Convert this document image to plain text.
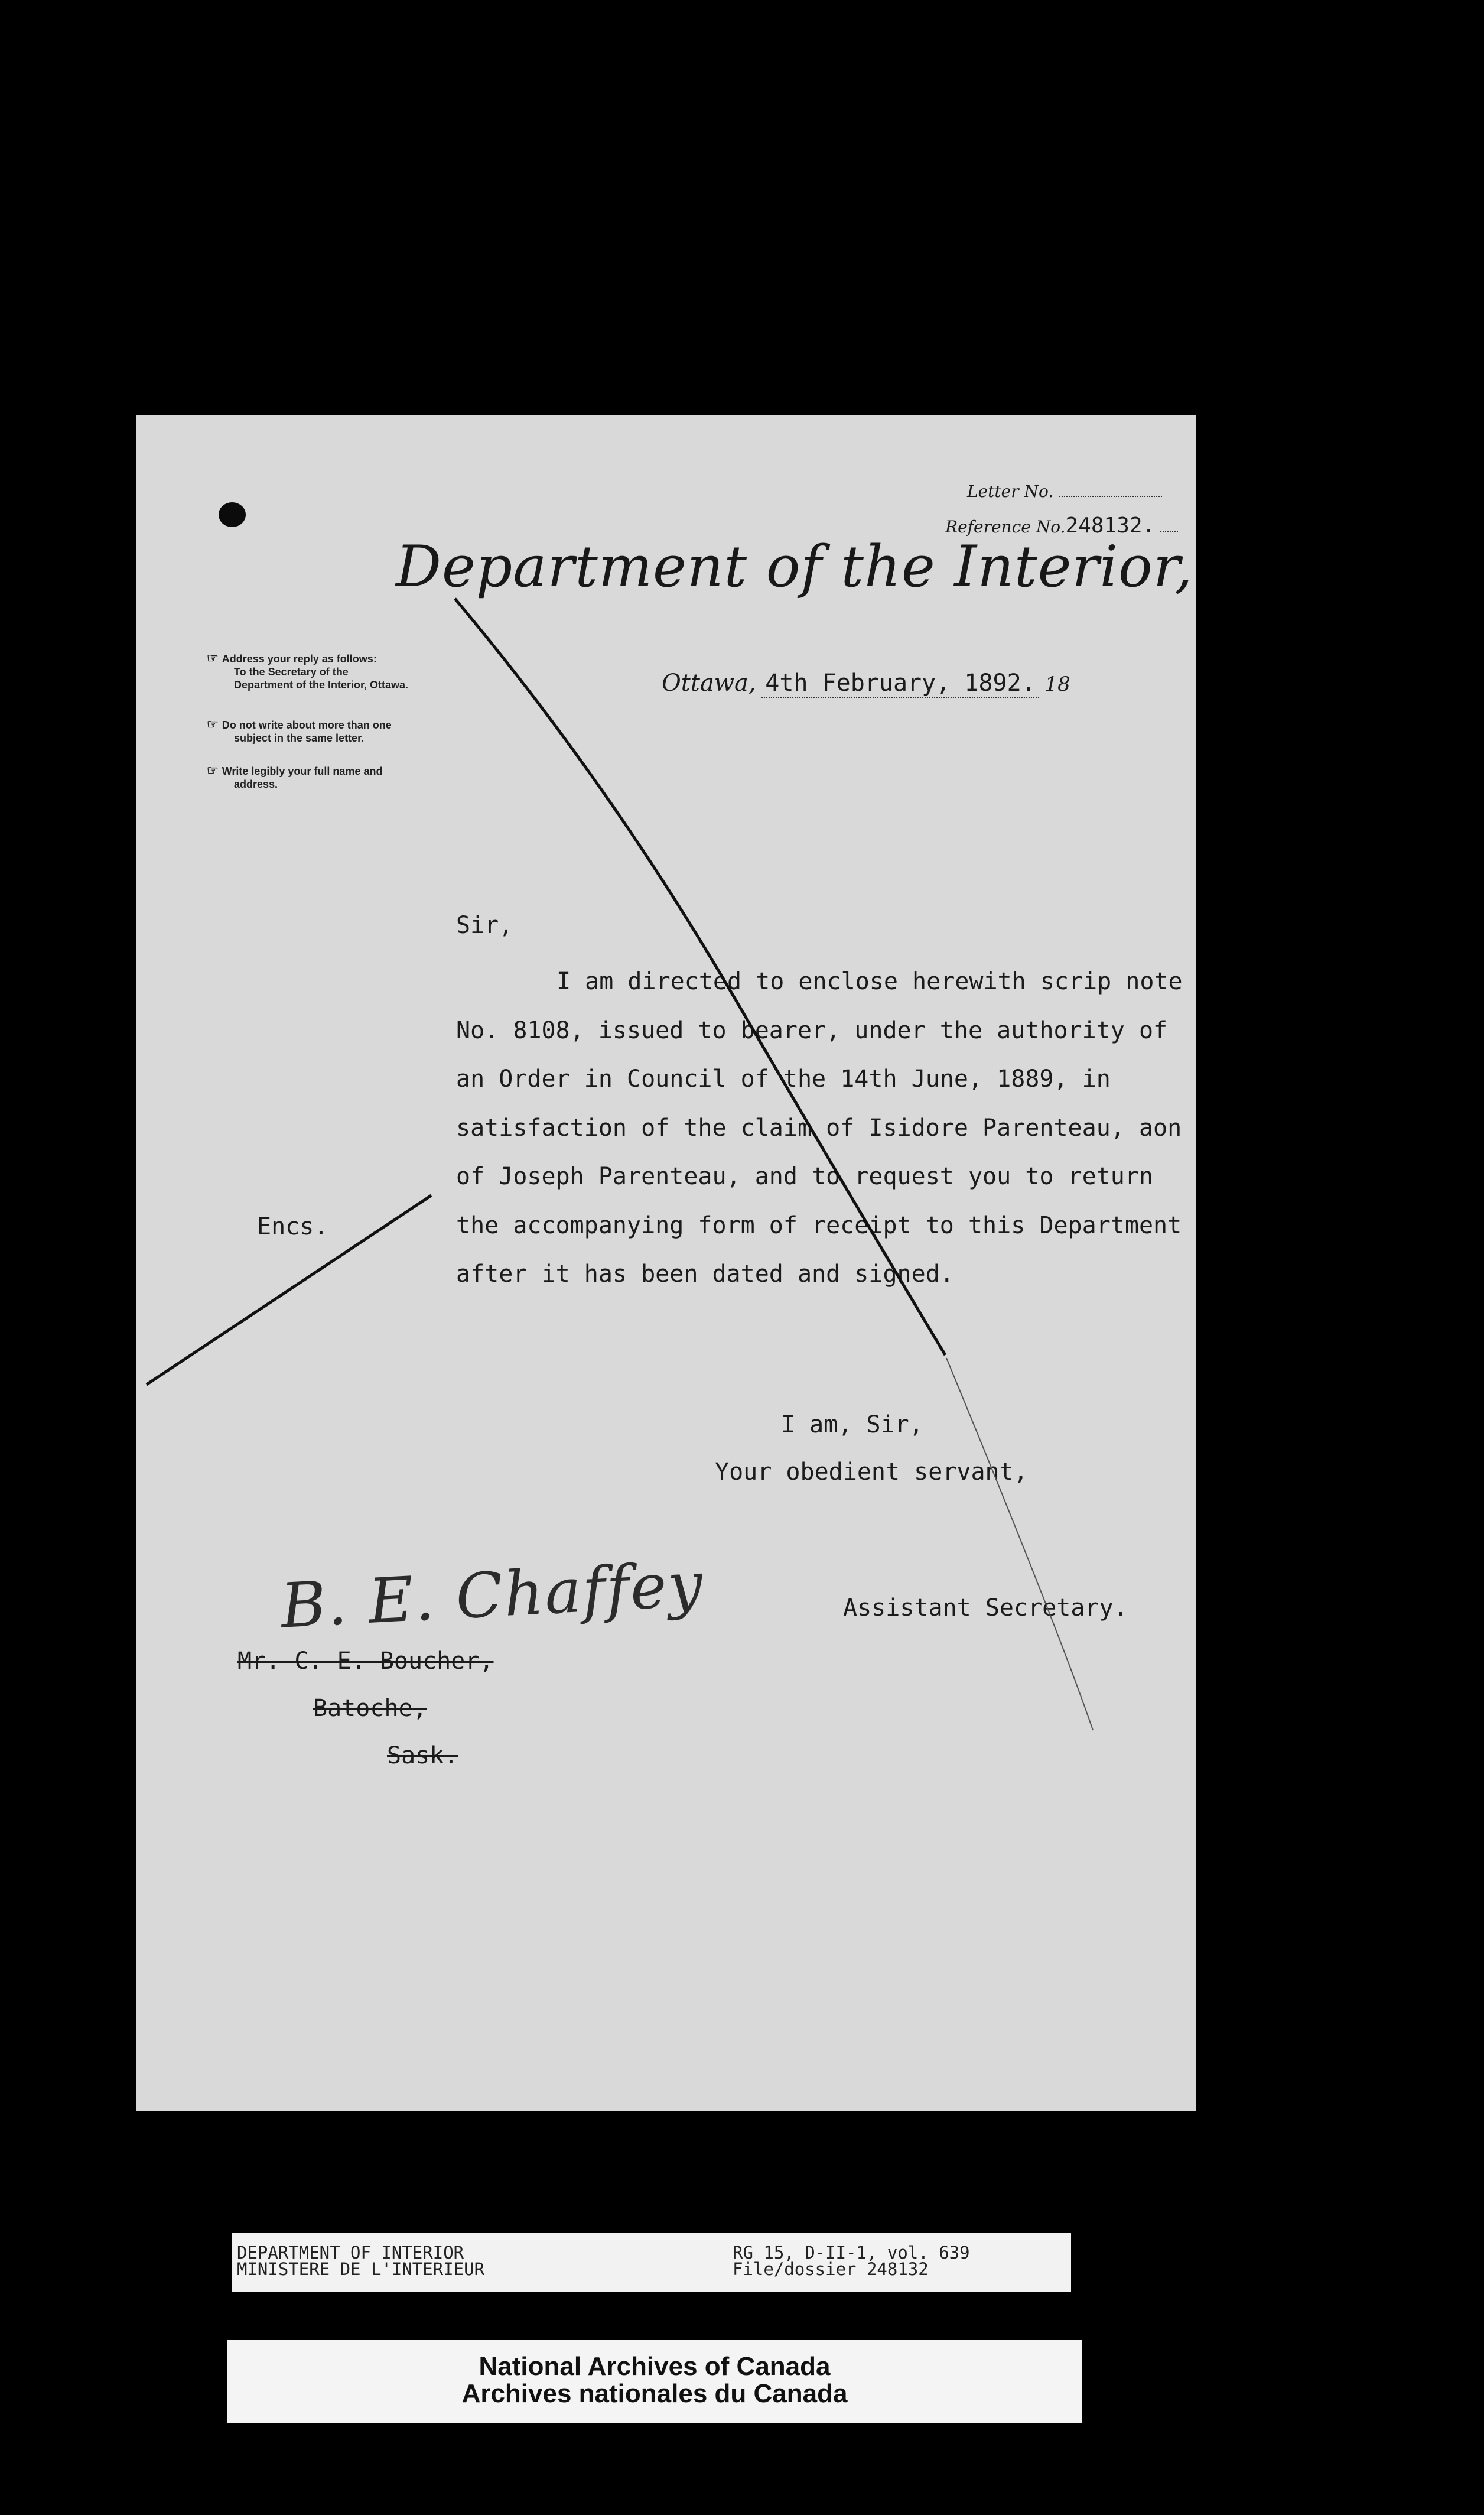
Letter No.
Reference No.248132.
Department of the Interior,
☞ Address your reply as follows:
To the Secretary of the
Department of the Interior, Ottawa.
☞ Do not write about more than one
subject in the same letter.
☞ Write legibly your full name and
address.
Ottawa, 4th February, 1892. 18
Sir,
I am directed to enclose herewith scrip note
No. 8108, issued to bearer, under the authority of
an Order in Council of the 14th June, 1889, in
satisfaction of the claim of Isidore Parenteau, aon
of Joseph Parenteau, and to request you to return
the accompanying form of receipt to this Department
after it has been dated and signed.
Encs.
I am, Sir,
Your obedient servant,
B. E. Chaffey	Assistant Secretary.
Mr. C. E. Boucher,
Batoche,
Sask.
DEPARTMENT OF INTERIOR
MINISTERE DE L'INTERIEUR
RG 15, D-II-1, vol. 639
File/dossier 248132
National Archives of Canada
Archives nationales du Canada
